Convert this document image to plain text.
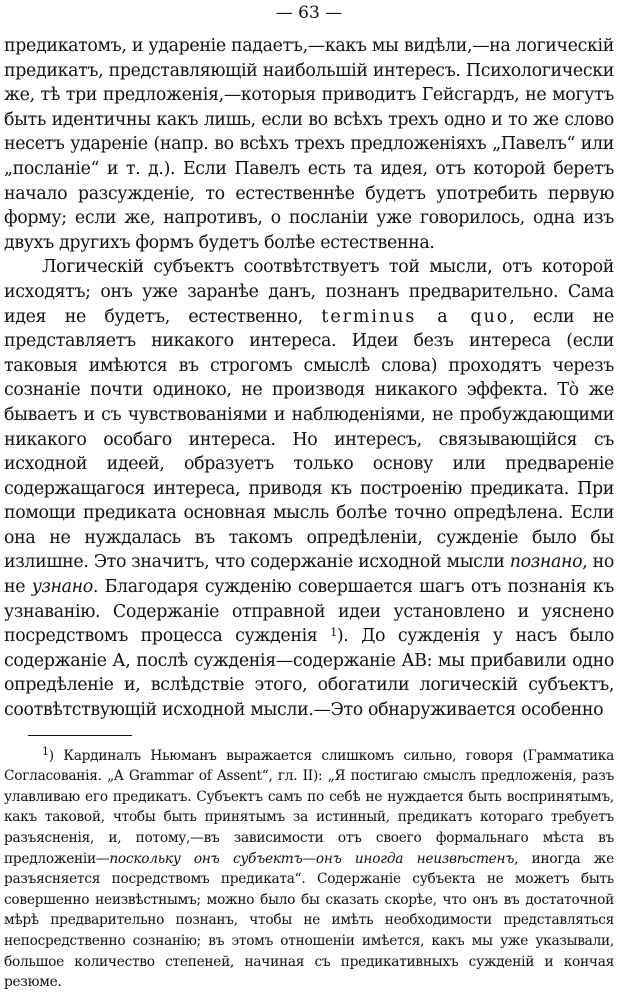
— 63 —

предикатомъ, и удареніе падаетъ,—какъ мы видѣли,—на логическій предикатъ, представляющій наибольшій интересъ. Психологически же, тѣ три предложенія,—которыя приводитъ Гейсгардъ, не могутъ быть идентичны какъ лишь, если во всѣхъ трехъ одно и то же слово несетъ удареніе (напр. во всѣхъ трехъ предложеніяхъ „Павелъ“ или „посланіе“ и т. д.). Если Павелъ есть та идея, отъ которой беретъ начало разсужденіе, то естественнѣе будетъ употребить первую форму; если же, напротивъ, о посланіи уже говорилось, одна изъ двухъ другихъ формъ будетъ болѣе естественна.

Логическій субъектъ соотвѣтствуетъ той мысли, отъ которой исходятъ; онъ уже заранѣе данъ, познанъ предварительно. Сама идея не будетъ, естественно, terminus a quo, если не представляетъ никакого интереса. Идеи безъ интереса (если таковыя имѣются въ строгомъ смыслѣ слова) проходятъ черезъ сознаніе почти одиноко, не производя никакого эффекта. Тò же бываетъ и съ чувствованіями и наблюденіями, не пробуждающими никакого особаго интереса. Но интересъ, связывающійся съ исходной идеей, образуетъ только основу или предвареніе содержащагося интереса, приводя къ построенію предиката. При помощи предиката основная мысль болѣе точно опредѣлена. Если она не нуждалась въ такомъ опредѣленіи, сужденіе было бы излишне. Это значитъ, что содержаніе исходной мысли познано, но не узнано. Благодаря сужденію совершается шагъ отъ познанія къ узнаванію. Содержаніе отправной идеи установлено и уяснено посредствомъ процесса сужденія $^1$). До сужденія у насъ было содержаніе А, послѣ сужденія—содержаніе АВ: мы прибавили одно опредѣленіе и, вслѣдствіе этого, обогатили логическій субъектъ, соотвѣтствующій исходной мысли.—Это обнаруживается особенно

$^1$) Кардиналъ Ньюманъ выражается слишкомъ сильно, говоря (Грамматика Согласованія. „A Grammar of Assent“, гл. II): „Я постигаю смыслъ предложенія, разъ улавливаю его предикатъ. Субъектъ самъ по себѣ не нуждается быть воспринятымъ, какъ таковой, чтобы быть принятымъ за истинный, предикатъ котораго требуетъ разъясненія, и, потому,—въ зависимости отъ своего формальнаго мѣста въ предложеніи—поскольку онъ субъектъ—онъ иногда неизвѣстенъ, иногда же разъясняется посредствомъ предиката“. Содержаніе субъекта не можетъ быть совершенно неизвѣстнымъ; можно было бы сказать скорѣе, что онъ въ достаточной мѣрѣ предварительно познанъ, чтобы не имѣть необходимости представляться непосредственно сознанію; въ этомъ отношеніи имѣется, какъ мы уже указывали, большое количество степеней, начиная съ предикативныхъ сужденій и кончая резюме.
